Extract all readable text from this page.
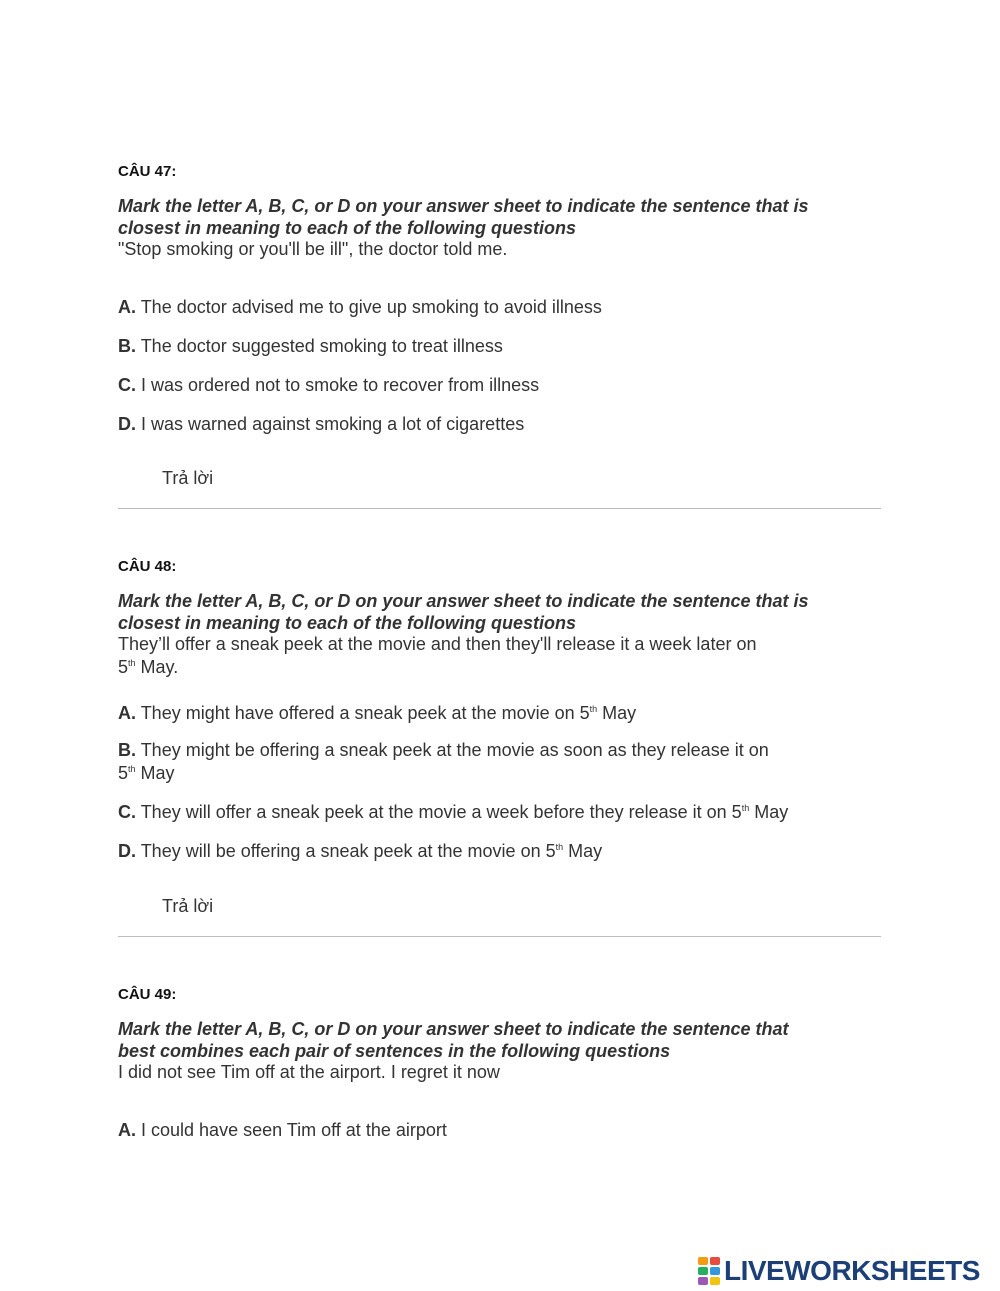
CÂU 47:
Mark the letter A, B, C, or D on your answer sheet to indicate the sentence that is
closest in meaning to each of the following questions
"Stop smoking or you'll be ill", the doctor told me.
A. The doctor advised me to give up smoking to avoid illness
B. The doctor suggested smoking to treat illness
C. I was ordered not to smoke to recover from illness
D. I was warned against smoking a lot of cigarettes
Trả lời
CÂU 48:
Mark the letter A, B, C, or D on your answer sheet to indicate the sentence that is
closest in meaning to each of the following questions
They’ll offer a sneak peek at the movie and then they'll release it a week later on
5th May.
A. They might have offered a sneak peek at the movie on 5th May
B. They might be offering a sneak peek at the movie as soon as they release it on
5th May
C. They will offer a sneak peek at the movie a week before they release it on 5th May
D. They will be offering a sneak peek at the movie on 5th May
Trả lời
CÂU 49:
Mark the letter A, B, C, or D on your answer sheet to indicate the sentence that
best combines each pair of sentences in the following questions
I did not see Tim off at the airport. I regret it now
A. I could have seen Tim off at the airport
LIVEWORKSHEETS
